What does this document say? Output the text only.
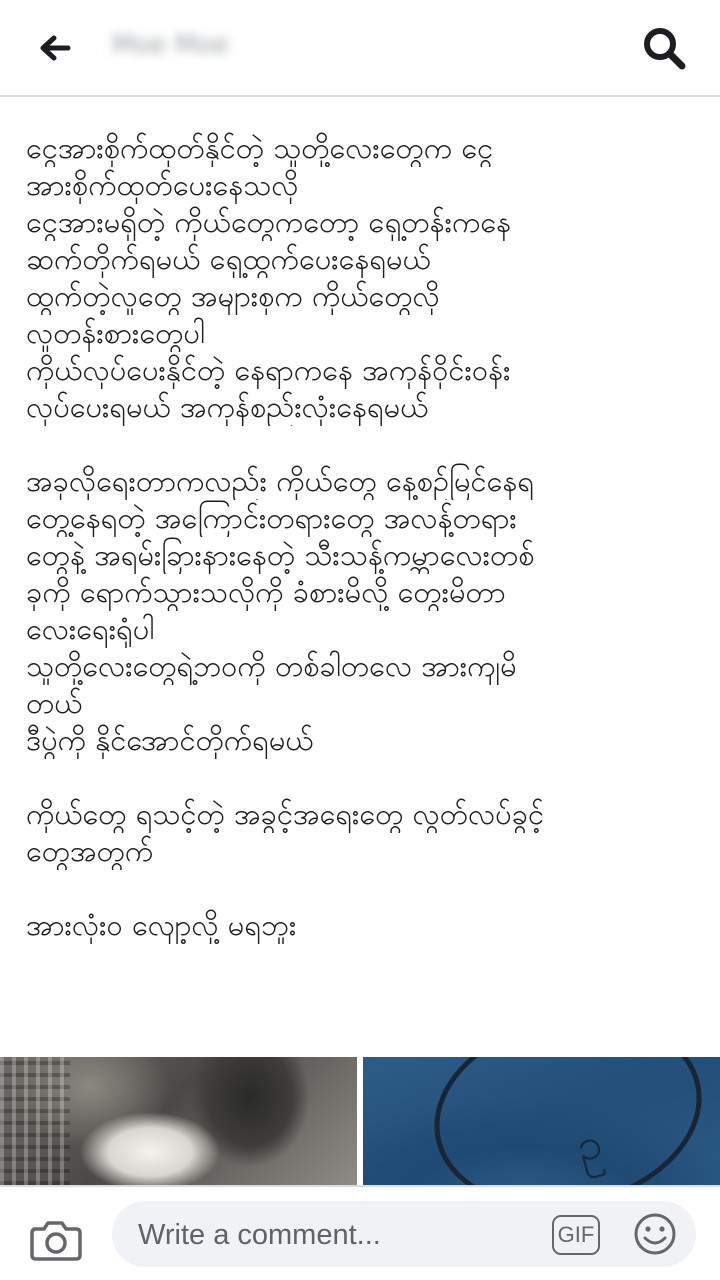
Moe Moe
ငွေအားစိုက်ထုတ်နိုင်တဲ့ သူတို့လေးတွေက ငွေ
အားစိုက်ထုတ်ပေးနေသလို
ငွေအားမရှိတဲ့ ကိုယ်တွေကတော့ ရှေ့တန်းကနေ
ဆက်တိုက်ရမယ် ရှေ့ထွက်ပေးနေရမယ်
ထွက်တဲ့လူတွေ အများစုက ကိုယ်တွေလို
လူတန်းစားတွေပါ
ကိုယ်လုပ်ပေးနိုင်တဲ့ နေရာကနေ အကုန်ဝိုင်းဝန်း
လုပ်ပေးရမယ် အကုန်စည်းလုံးနေရမယ်
အခုလိုရေးတာကလည်း ကိုယ်တွေ နေ့စဉ်မြင်နေရ
တွေ့နေရတဲ့ အကြောင်းတရားတွေ အလန့်တရား
တွေနဲ့ အရမ်းခြားနားနေတဲ့ သီးသန့်ကမ္ဘာလေးတစ်
ခုကို ရောက်သွားသလိုကို ခံစားမိလို့ တွေးမိတာ
လေးရေးရုံပါ
သူတို့လေးတွေရဲ့ဘဝကို တစ်ခါတလေ အားကျမိ
တယ်
ဒီပွဲကို နိုင်အောင်တိုက်ရမယ်
ကိုယ်တွေ ရသင့်တဲ့ အခွင့်အရေးတွေ လွတ်လပ်ခွင့်
တွေအတွက်
အားလုံးဝ လျော့လို့ မရဘူး
ဥ
Write a comment...	GIF
